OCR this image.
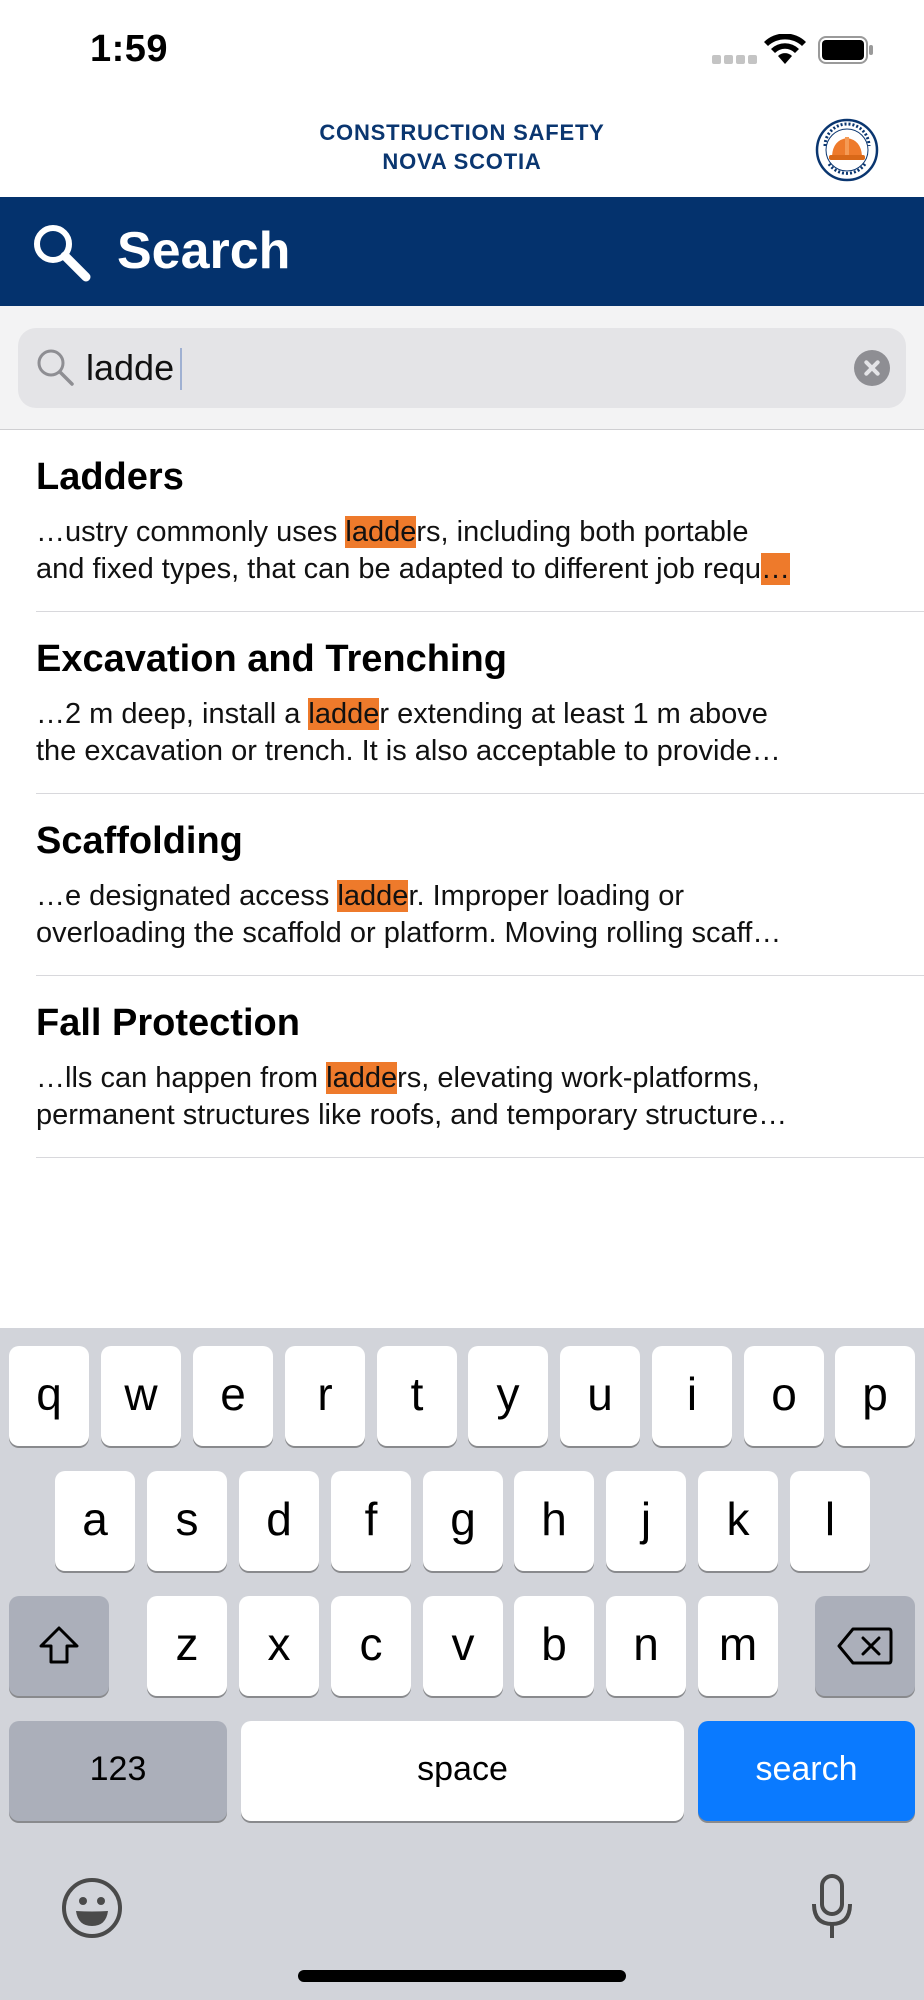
1:59
CONSTRUCTION SAFETY
NOVA SCOTIA
Search
ladde
Ladders
…ustry commonly uses ladders, including both portable
and fixed types, that can be adapted to different job requ…
Excavation and Trenching
…2 m deep, install a ladder extending at least 1 m above
the excavation or trench. It is also acceptable to provide…
Scaffolding
…e designated access ladder. Improper loading or
overloading the scaffold or platform. Moving rolling scaff…
Fall Protection
…lls can happen from ladders, elevating work-platforms,
permanent structures like roofs, and temporary structure…
q	w	e	r	t	y	u	i	o	p
a	s	d	f	g	h	j	k	l
z	x	c	v	b	n	m
123	space	search
